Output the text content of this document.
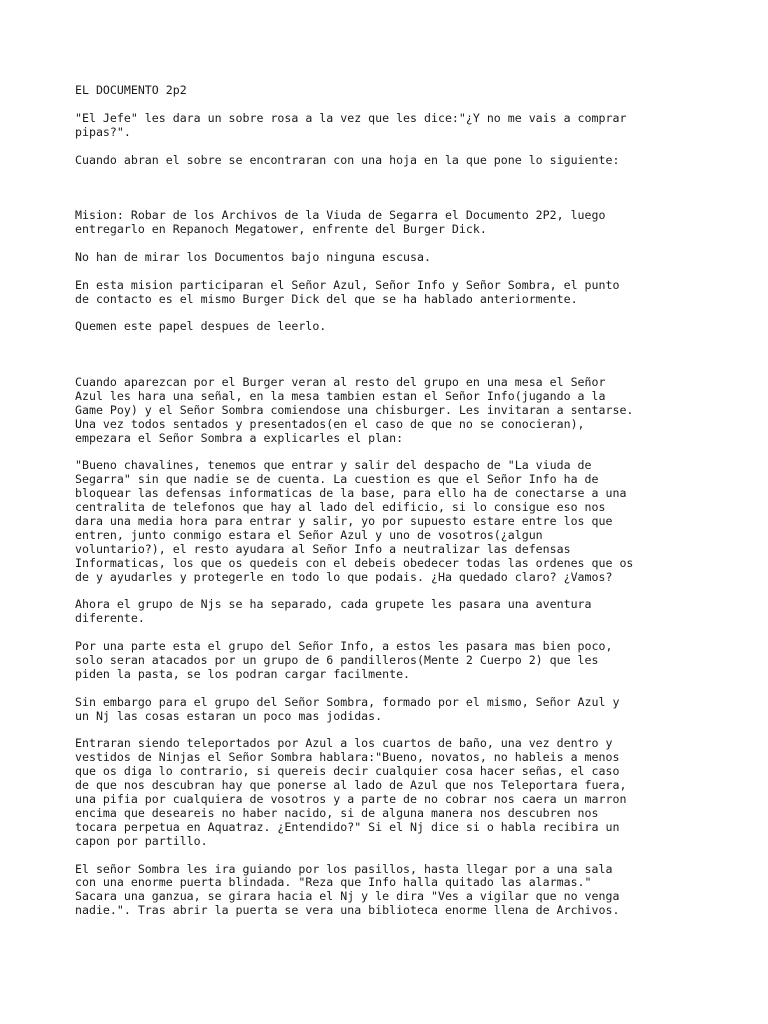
EL DOCUMENTO 2p2

"El Jefe" les dara un sobre rosa a la vez que les dice:"¿Y no me vais a comprar
pipas?".

Cuando abran el sobre se encontraran con una hoja en la que pone lo siguiente:

Mision: Robar de los Archivos de la Viuda de Segarra el Documento 2P2, luego
entregarlo en Repanoch Megatower, enfrente del Burger Dick.

No han de mirar los Documentos bajo ninguna escusa.

En esta mision participaran el Señor Azul, Señor Info y Señor Sombra, el punto
de contacto es el mismo Burger Dick del que se ha hablado anteriormente.

Quemen este papel despues de leerlo.

Cuando aparezcan por el Burger veran al resto del grupo en una mesa el Señor
Azul les hara una señal, en la mesa tambien estan el Señor Info(jugando a la
Game Poy) y el Señor Sombra comiendose una chisburger. Les invitaran a sentarse.
Una vez todos sentados y presentados(en el caso de que no se conocieran),
empezara el Señor Sombra a explicarles el plan:

"Bueno chavalines, tenemos que entrar y salir del despacho de "La viuda de
Segarra" sin que nadie se de cuenta. La cuestion es que el Señor Info ha de
bloquear las defensas informaticas de la base, para ello ha de conectarse a una
centralita de telefonos que hay al lado del edificio, si lo consigue eso nos
dara una media hora para entrar y salir, yo por supuesto estare entre los que
entren, junto conmigo estara el Señor Azul y uno de vosotros(¿algun
voluntario?), el resto ayudara al Señor Info a neutralizar las defensas
Informaticas, los que os quedeis con el debeis obedecer todas las ordenes que os
de y ayudarles y protegerle en todo lo que podais. ¿Ha quedado claro? ¿Vamos?

Ahora el grupo de Njs se ha separado, cada grupete les pasara una aventura
diferente.

Por una parte esta el grupo del Señor Info, a estos les pasara mas bien poco,
solo seran atacados por un grupo de 6 pandilleros(Mente 2 Cuerpo 2) que les
piden la pasta, se los podran cargar facilmente.

Sin embargo para el grupo del Señor Sombra, formado por el mismo, Señor Azul y
un Nj las cosas estaran un poco mas jodidas.

Entraran siendo teleportados por Azul a los cuartos de baño, una vez dentro y
vestidos de Ninjas el Señor Sombra hablara:"Bueno, novatos, no hableis a menos
que os diga lo contrario, si quereis decir cualquier cosa hacer señas, el caso
de que nos descubran hay que ponerse al lado de Azul que nos Teleportara fuera,
una pifia por cualquiera de vosotros y a parte de no cobrar nos caera un marron
encima que deseareis no haber nacido, si de alguna manera nos descubren nos
tocara perpetua en Aquatraz. ¿Entendido?" Si el Nj dice si o habla recibira un
capon por partillo.

El señor Sombra les ira guiando por los pasillos, hasta llegar por a una sala
con una enorme puerta blindada. "Reza que Info halla quitado las alarmas."
Sacara una ganzua, se girara hacia el Nj y le dira "Ves a vigilar que no venga
nadie.". Tras abrir la puerta se vera una biblioteca enorme llena de Archivos.
